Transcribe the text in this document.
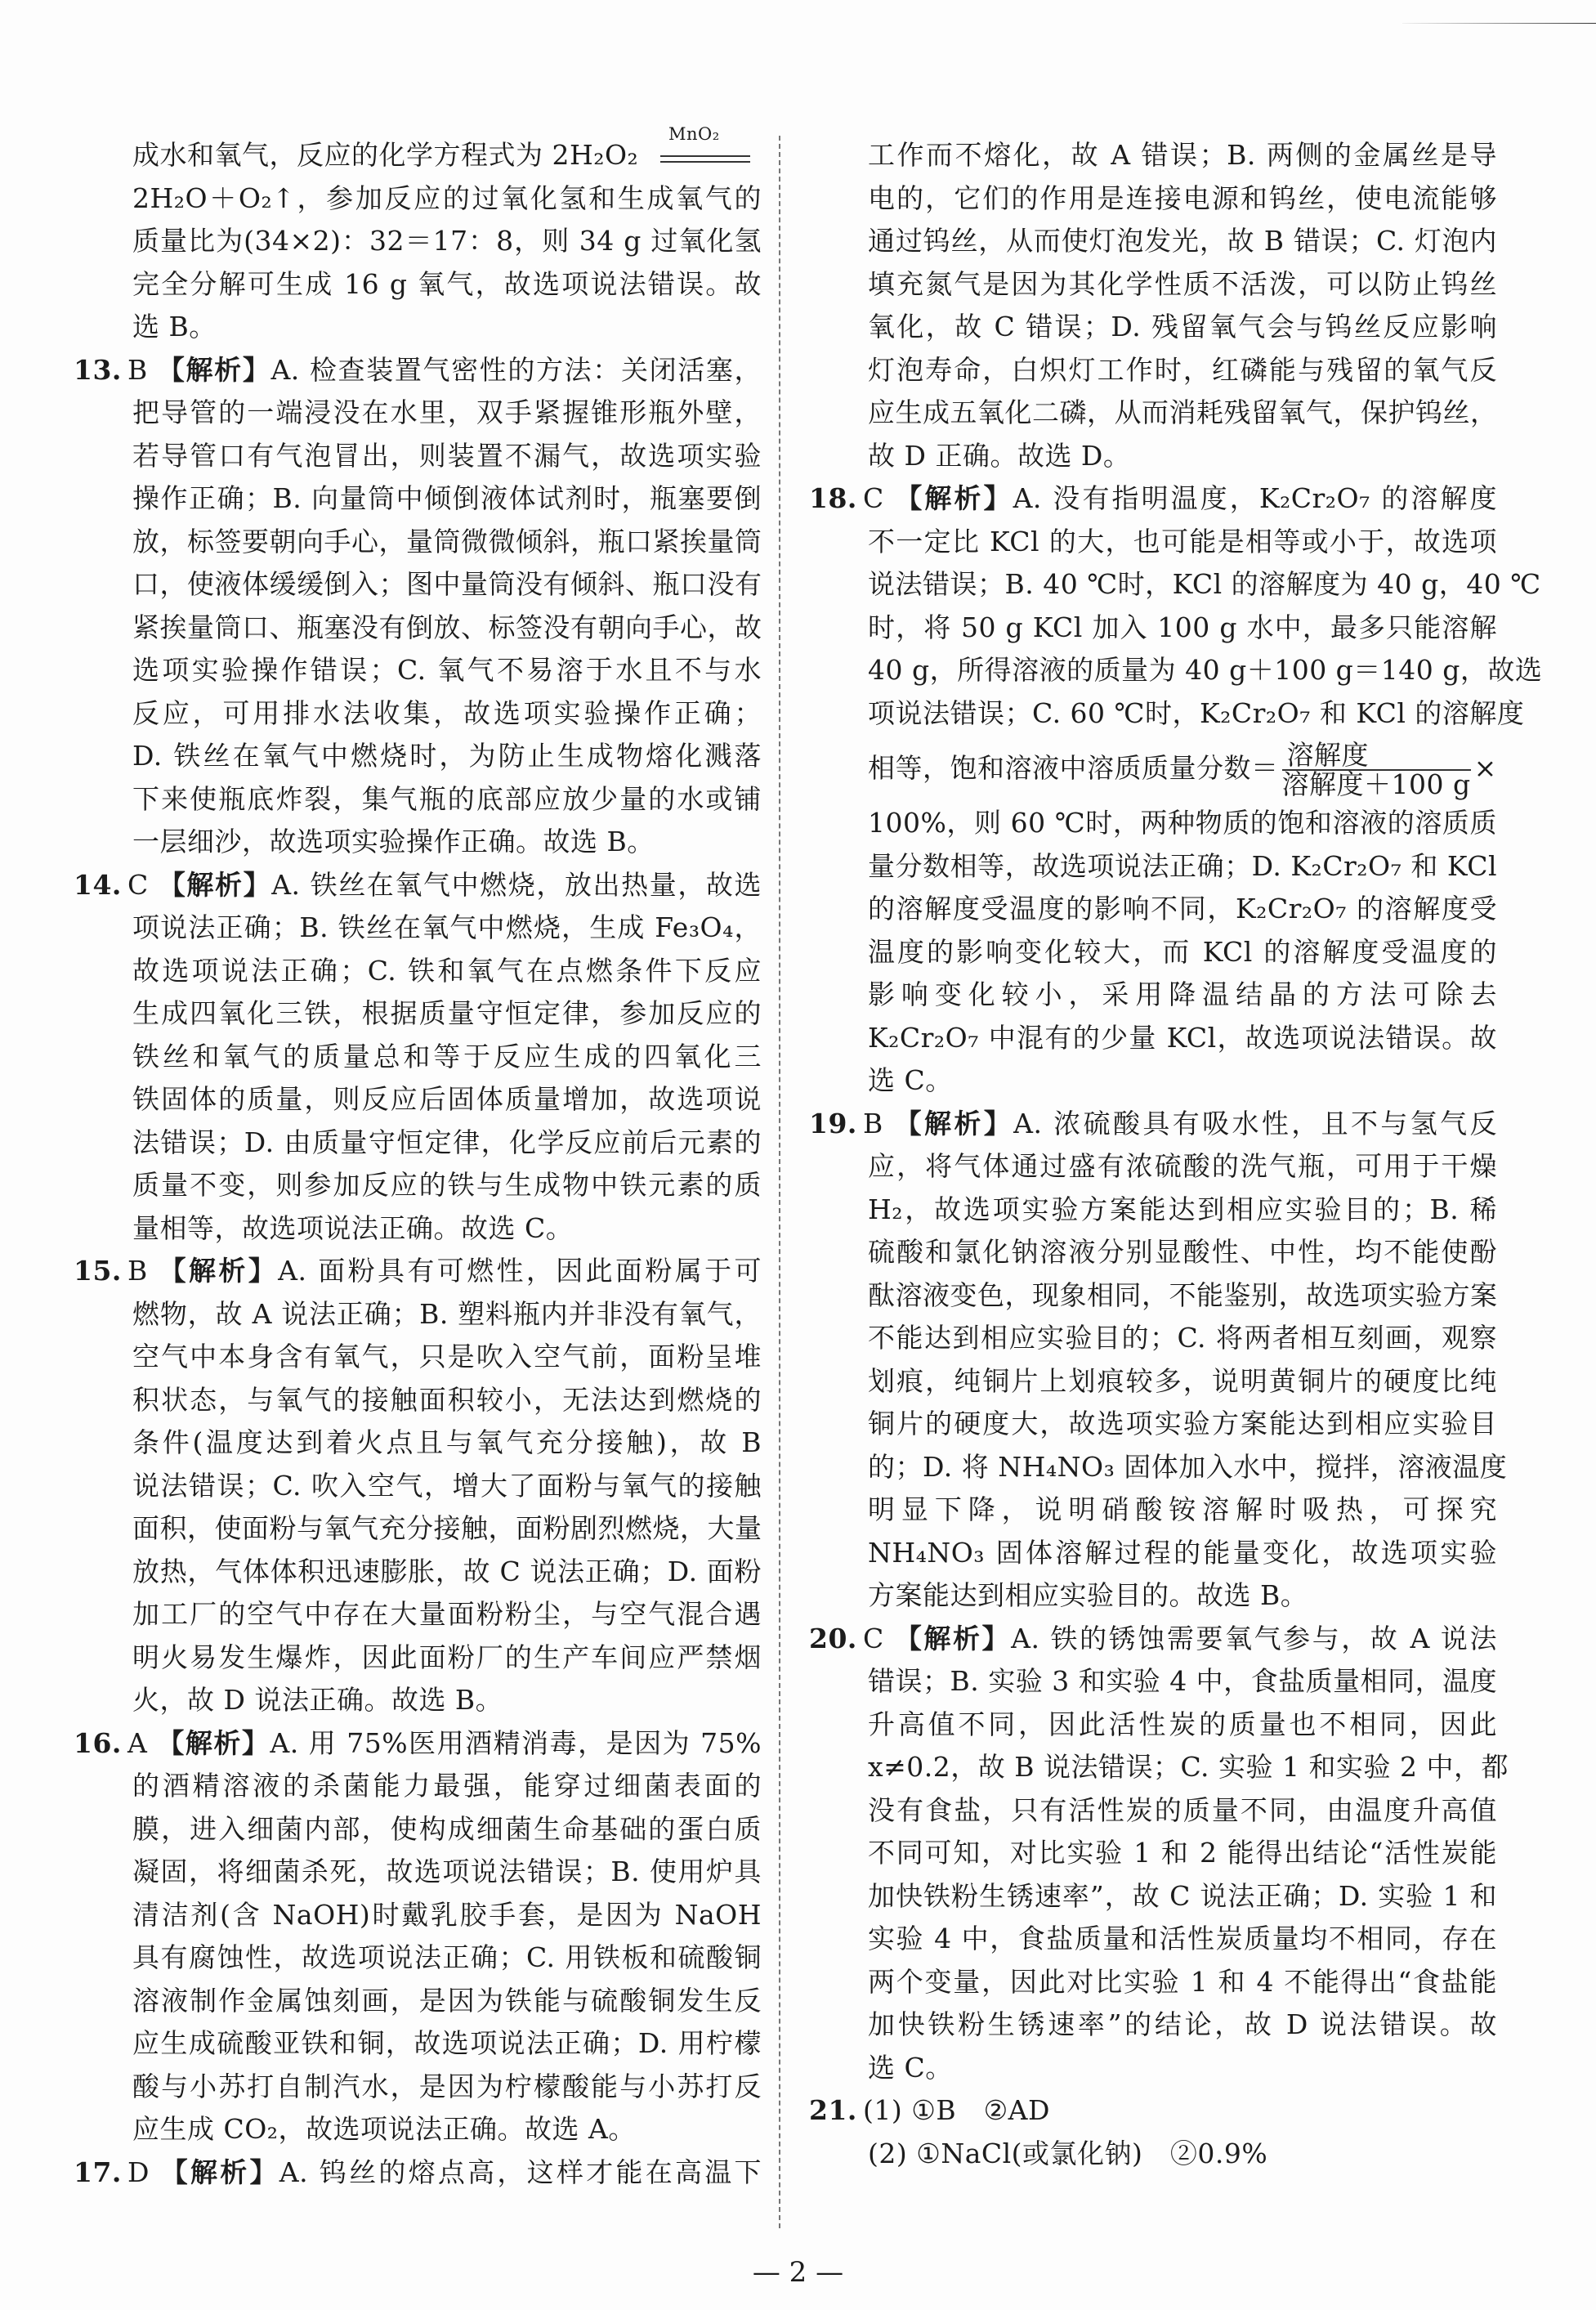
成水和氧气，反应的化学方程式为 2H₂O₂
MnO₂
2H₂O＋O₂↑，参加反应的过氧化氢和生成氧气的
质量比为(34×2)：32＝17：8，则 34 g 过氧化氢
完全分解可生成 16 g 氧气，故选项说法错误。故
选 B。
13. B 【解析】A. 检查装置气密性的方法：关闭活塞，
把导管的一端浸没在水里，双手紧握锥形瓶外壁，
若导管口有气泡冒出，则装置不漏气，故选项实验
操作正确；B. 向量筒中倾倒液体试剂时，瓶塞要倒
放，标签要朝向手心，量筒微微倾斜，瓶口紧挨量筒
口，使液体缓缓倒入；图中量筒没有倾斜、瓶口没有
紧挨量筒口、瓶塞没有倒放、标签没有朝向手心，故
选项实验操作错误；C. 氧气不易溶于水且不与水
反应，可用排水法收集，故选项实验操作正确；
D. 铁丝在氧气中燃烧时，为防止生成物熔化溅落
下来使瓶底炸裂，集气瓶的底部应放少量的水或铺
一层细沙，故选项实验操作正确。故选 B。
14. C 【解析】A. 铁丝在氧气中燃烧，放出热量，故选
项说法正确；B. 铁丝在氧气中燃烧，生成 Fe₃O₄，
故选项说法正确；C. 铁和氧气在点燃条件下反应
生成四氧化三铁，根据质量守恒定律，参加反应的
铁丝和氧气的质量总和等于反应生成的四氧化三
铁固体的质量，则反应后固体质量增加，故选项说
法错误；D. 由质量守恒定律，化学反应前后元素的
质量不变，则参加反应的铁与生成物中铁元素的质
量相等，故选项说法正确。故选 C。
15. B 【解析】A. 面粉具有可燃性，因此面粉属于可
燃物，故 A 说法正确；B. 塑料瓶内并非没有氧气，
空气中本身含有氧气，只是吹入空气前，面粉呈堆
积状态，与氧气的接触面积较小，无法达到燃烧的
条件(温度达到着火点且与氧气充分接触)，故 B
说法错误；C. 吹入空气，增大了面粉与氧气的接触
面积，使面粉与氧气充分接触，面粉剧烈燃烧，大量
放热，气体体积迅速膨胀，故 C 说法正确；D. 面粉
加工厂的空气中存在大量面粉粉尘，与空气混合遇
明火易发生爆炸，因此面粉厂的生产车间应严禁烟
火，故 D 说法正确。故选 B。
16. A 【解析】A. 用 75%医用酒精消毒，是因为 75%
的酒精溶液的杀菌能力最强，能穿过细菌表面的
膜，进入细菌内部，使构成细菌生命基础的蛋白质
凝固，将细菌杀死，故选项说法错误；B. 使用炉具
清洁剂(含 NaOH)时戴乳胶手套，是因为 NaOH
具有腐蚀性，故选项说法正确；C. 用铁板和硫酸铜
溶液制作金属蚀刻画，是因为铁能与硫酸铜发生反
应生成硫酸亚铁和铜，故选项说法正确；D. 用柠檬
酸与小苏打自制汽水，是因为柠檬酸能与小苏打反
应生成 CO₂，故选项说法正确。故选 A。
17. D 【解析】A. 钨丝的熔点高，这样才能在高温下
工作而不熔化，故 A 错误；B. 两侧的金属丝是导
电的，它们的作用是连接电源和钨丝，使电流能够
通过钨丝，从而使灯泡发光，故 B 错误；C. 灯泡内
填充氮气是因为其化学性质不活泼，可以防止钨丝
氧化，故 C 错误；D. 残留氧气会与钨丝反应影响
灯泡寿命，白炽灯工作时，红磷能与残留的氧气反
应生成五氧化二磷，从而消耗残留氧气，保护钨丝，
故 D 正确。故选 D。
18. C 【解析】A. 没有指明温度，K₂Cr₂O₇ 的溶解度
不一定比 KCl 的大，也可能是相等或小于，故选项
说法错误；B. 40 ℃时，KCl 的溶解度为 40 g，40 ℃
时，将 50 g KCl 加入 100 g 水中，最多只能溶解
40 g，所得溶液的质量为 40 g＋100 g＝140 g，故选
项说法错误；C. 60 ℃时，K₂Cr₂O₇ 和 KCl 的溶解度
相等，饱和溶液中溶质质量分数＝ $\frac{\text{溶解度}}{\text{溶解度＋100 g}}$ ×
100%，则 60 ℃时，两种物质的饱和溶液的溶质质
量分数相等，故选项说法正确；D. K₂Cr₂O₇ 和 KCl
的溶解度受温度的影响不同，K₂Cr₂O₇ 的溶解度受
温度的影响变化较大，而 KCl 的溶解度受温度的
影响变化较小，采用降温结晶的方法可除去
K₂Cr₂O₇ 中混有的少量 KCl，故选项说法错误。故
选 C。
19. B 【解析】A. 浓硫酸具有吸水性，且不与氢气反
应，将气体通过盛有浓硫酸的洗气瓶，可用于干燥
H₂，故选项实验方案能达到相应实验目的；B. 稀
硫酸和氯化钠溶液分别显酸性、中性，均不能使酚
酞溶液变色，现象相同，不能鉴别，故选项实验方案
不能达到相应实验目的；C. 将两者相互刻画，观察
划痕，纯铜片上划痕较多，说明黄铜片的硬度比纯
铜片的硬度大，故选项实验方案能达到相应实验目
的；D. 将 NH₄NO₃ 固体加入水中，搅拌，溶液温度
明显下降，说明硝酸铵溶解时吸热，可探究
NH₄NO₃ 固体溶解过程的能量变化，故选项实验
方案能达到相应实验目的。故选 B。
20. C 【解析】A. 铁的锈蚀需要氧气参与，故 A 说法
错误；B. 实验 3 和实验 4 中，食盐质量相同，温度
升高值不同，因此活性炭的质量也不相同，因此
x≠0.2，故 B 说法错误；C. 实验 1 和实验 2 中，都
没有食盐，只有活性炭的质量不同，由温度升高值
不同可知，对比实验 1 和 2 能得出结论“活性炭能
加快铁粉生锈速率”，故 C 说法正确；D. 实验 1 和
实验 4 中，食盐质量和活性炭质量均不相同，存在
两个变量，因此对比实验 1 和 4 不能得出“食盐能
加快铁粉生锈速率”的结论，故 D 说法错误。故
选 C。
21. (1) ①B　②AD
(2) ①NaCl(或氯化钠)　②0.9%
— 2 —
